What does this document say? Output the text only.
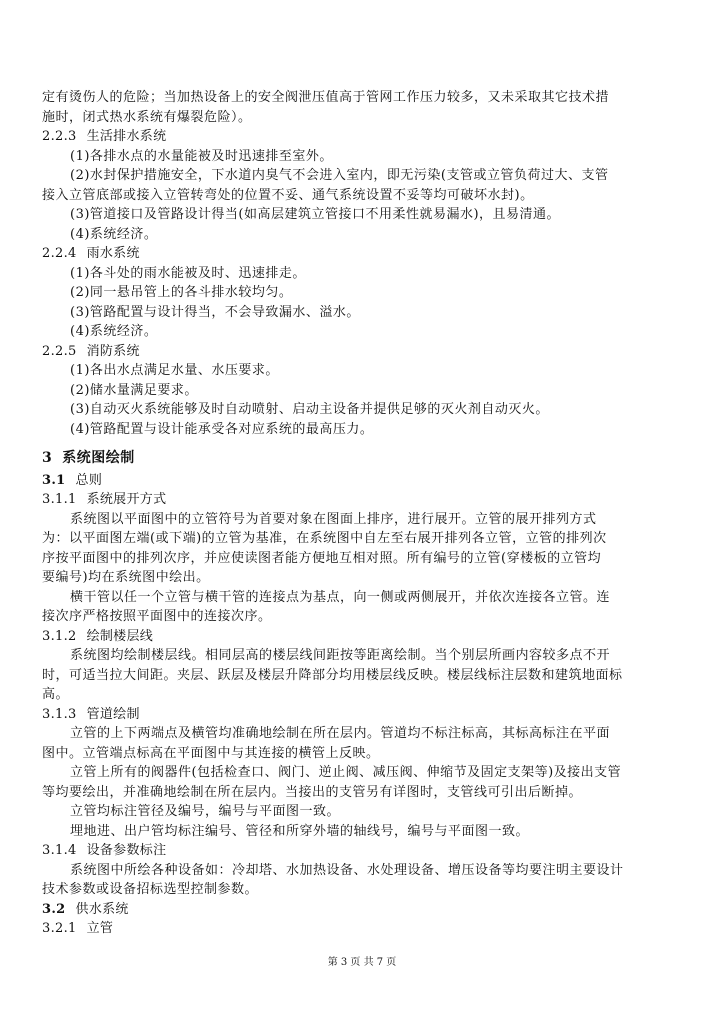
定有烫伤人的危险；当加热设备上的安全阀泄压值高于管网工作压力较多，又未采取其它技术措
施时，闭式热水系统有爆裂危险）。
2.2.3 生活排水系统
(1)各排水点的水量能被及时迅速排至室外。
(2)水封保护措施安全，下水道内臭气不会进入室内，即无污染(支管或立管负荷过大、支管
接入立管底部或接入立管转弯处的位置不妥、通气系统设置不妥等均可破坏水封)。
(3)管道接口及管路设计得当(如高层建筑立管接口不用柔性就易漏水)，且易清通。
(4)系统经济。
2.2.4 雨水系统
(1)各斗处的雨水能被及时、迅速排走。
(2)同一悬吊管上的各斗排水较均匀。
(3)管路配置与设计得当，不会导致漏水、溢水。
(4)系统经济。
2.2.5 消防系统
(1)各出水点满足水量、水压要求。
(2)储水量满足要求。
(3)自动灭火系统能够及时自动喷射、启动主设备并提供足够的灭火剂自动灭火。
(4)管路配置与设计能承受各对应系统的最高压力。
3 系统图绘制
3.1 总则
3.1.1 系统展开方式
系统图以平面图中的立管符号为首要对象在图面上排序，进行展开。立管的展开排列方式
为：以平面图左端(或下端)的立管为基准，在系统图中自左至右展开排列各立管，立管的排列次
序按平面图中的排列次序，并应使读图者能方便地互相对照。所有编号的立管(穿楼板的立管均
要编号)均在系统图中绘出。
横干管以任一个立管与横干管的连接点为基点，向一侧或两侧展开，并依次连接各立管。连
接次序严格按照平面图中的连接次序。
3.1.2 绘制楼层线
系统图均绘制楼层线。相同层高的楼层线间距按等距离绘制。当个别层所画内容较多点不开
时，可适当拉大间距。夹层、跃层及楼层升降部分均用楼层线反映。楼层线标注层数和建筑地面标
高。
3.1.3 管道绘制
立管的上下两端点及横管均准确地绘制在所在层内。管道均不标注标高，其标高标注在平面
图中。立管端点标高在平面图中与其连接的横管上反映。
立管上所有的阀器件(包括检查口、阀门、逆止阀、减压阀、伸缩节及固定支架等)及接出支管
等均要绘出，并准确地绘制在所在层内。当接出的支管另有详图时，支管线可引出后断掉。
立管均标注管径及编号，编号与平面图一致。
埋地进、出户管均标注编号、管径和所穿外墙的轴线号，编号与平面图一致。
3.1.4 设备参数标注
系统图中所绘各种设备如：冷却塔、水加热设备、水处理设备、增压设备等均要注明主要设计
技术参数或设备招标选型控制参数。
3.2 供水系统
3.2.1 立管
第 3 页 共 7 页
